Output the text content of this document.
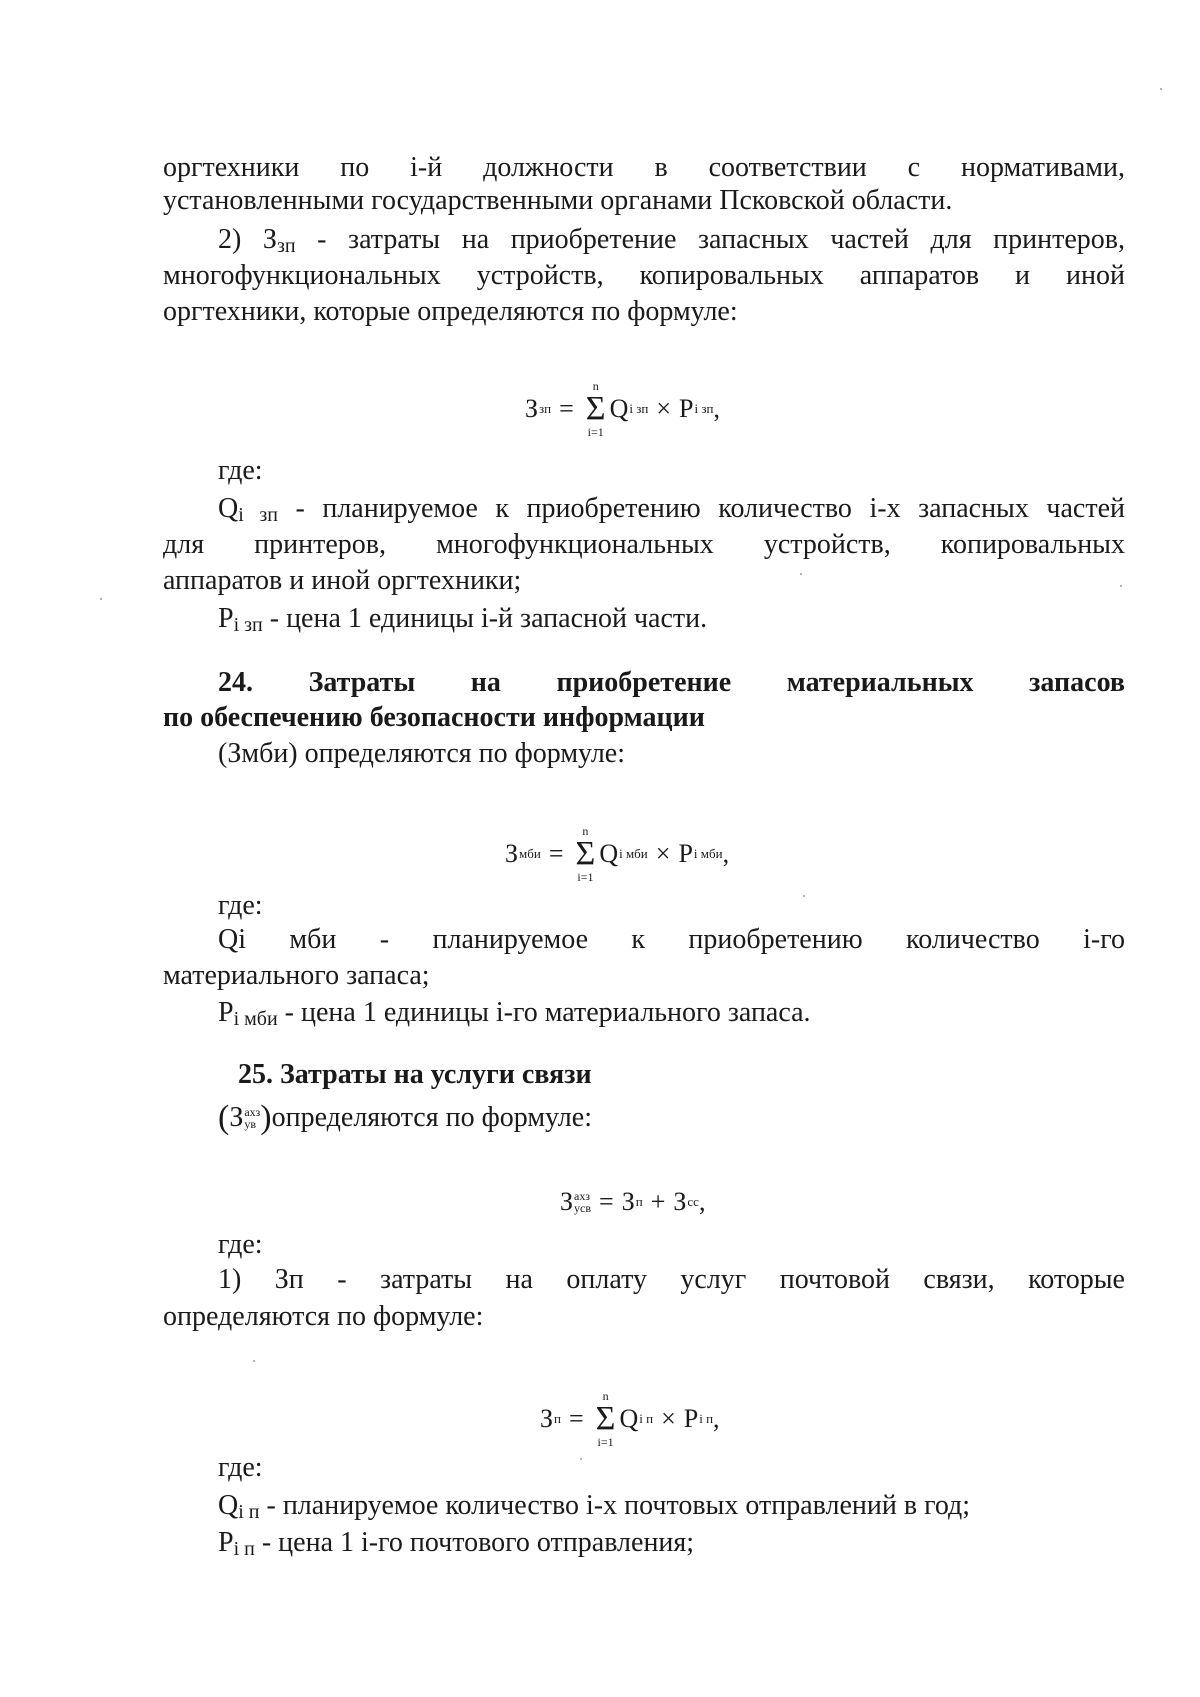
оргтехники по i-й должности в соответствии с нормативами,
установленными государственными органами Псковской области.
2) $З_{зп}$ - затраты на приобретение запасных частей для принтеров,
многофункциональных устройств, копировальных аппаратов и иной
оргтехники, которые определяются по формуле:
З зп =
n
Σ
i=1
Q i зп × P i зп ,
где:
$Q_{i зп}$ - планируемое к приобретению количество i-х запасных частей
для принтеров, многофункциональных устройств, копировальных
аппаратов и иной оргтехники;
$P_{i зп}$ - цена 1 единицы i-й запасной части.
24. Затраты на приобретение материальных запасов
по обеспечению безопасности информации
(Змби) определяются по формуле:
З мби =
n
Σ
i=1
Q i мби × P i мби ,
где:
Qi мби - планируемое к приобретению количество i-го
материального запаса;
$P_{i мби}$ - цена 1 единицы i-го материального запаса.
25. Затраты на услуги связи
( З ахз
ув ) определяются по формуле:
З ахз
усв = З п + З сс ,
где:
1) Зп - затраты на оплату услуг почтовой связи, которые
определяются по формуле:
З п =
n
Σ
i=1
Q i п × P i п ,
где:
$Q_{i п}$ - планируемое количество i-х почтовых отправлений в год;
$P_{i п}$ - цена 1 i-го почтового отправления;
